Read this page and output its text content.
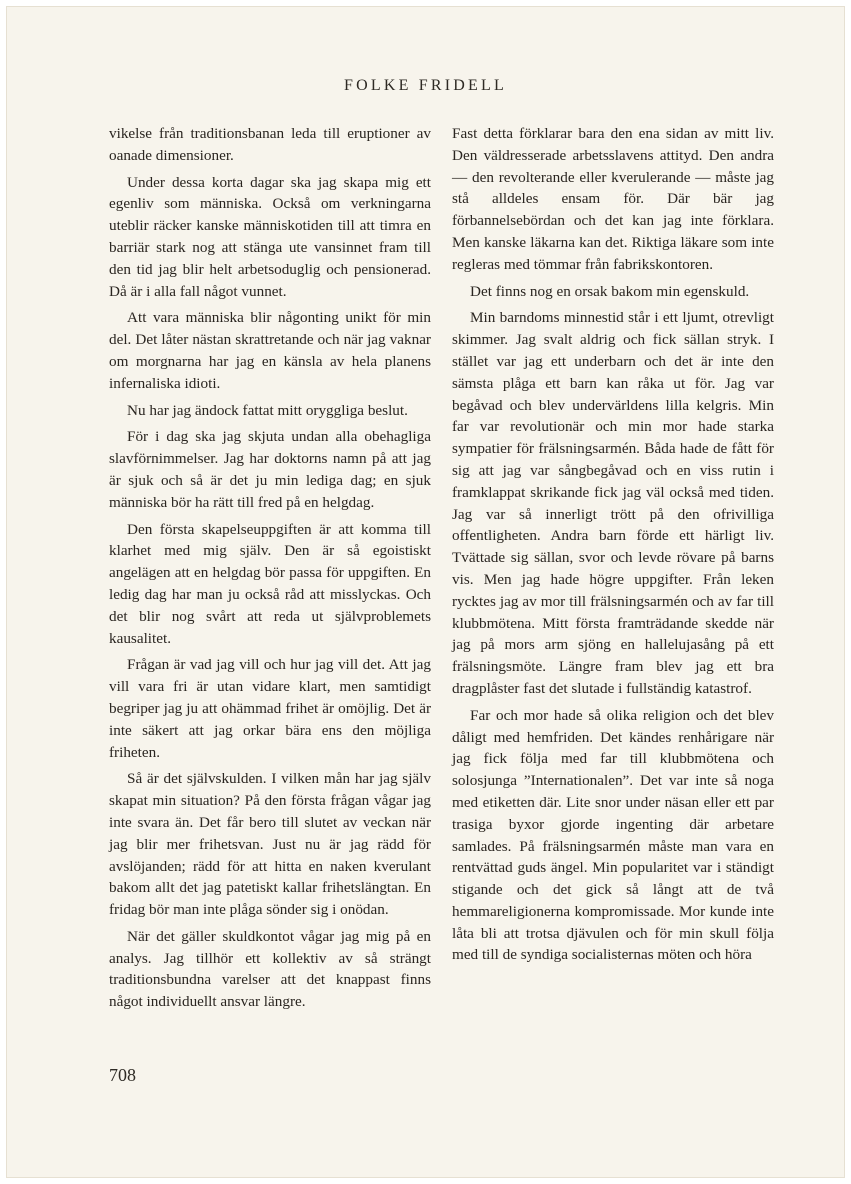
FOLKE FRIDELL

vikelse från traditionsbanan leda till eruptioner av oanade dimensioner.

Under dessa korta dagar ska jag skapa mig ett egenliv som människa. Också om verkningarna uteblir räcker kanske människotiden till att timra en barriär stark nog att stänga ute vansinnet fram till den tid jag blir helt arbetsoduglig och pensionerad. Då är i alla fall något vunnet.

Att vara människa blir någonting unikt för min del. Det låter nästan skrattretande och när jag vaknar om morgnarna har jag en känsla av hela planens infernaliska idioti.

Nu har jag ändock fattat mitt oryggliga beslut.

För i dag ska jag skjuta undan alla obehagliga slavförnimmelser. Jag har doktorns namn på att jag är sjuk och så är det ju min lediga dag; en sjuk människa bör ha rätt till fred på en helgdag.

Den första skapelseuppgiften är att komma till klarhet med mig själv. Den är så egoistiskt angelägen att en helgdag bör passa för uppgiften. En ledig dag har man ju också råd att misslyckas. Och det blir nog svårt att reda ut självproblemets kausalitet.

Frågan är vad jag vill och hur jag vill det. Att jag vill vara fri är utan vidare klart, men samtidigt begriper jag ju att ohämmad frihet är omöjlig. Det är inte säkert att jag orkar bära ens den möjliga friheten.

Så är det självskulden. I vilken mån har jag själv skapat min situation? På den första frågan vågar jag inte svara än. Det får bero till slutet av veckan när jag blir mer frihetsvan. Just nu är jag rädd för avslöjanden; rädd för att hitta en naken kverulant bakom allt det jag patetiskt kallar frihetslängtan. En fridag bör man inte plåga sönder sig i onödan.

När det gäller skuldkontot vågar jag mig på en analys. Jag tillhör ett kollektiv av så strängt traditionsbundna varelser att det knappast finns något individuellt ansvar längre.

Fast detta förklarar bara den ena sidan av mitt liv. Den väldresserade arbetsslavens attityd. Den andra — den revolterande eller kverulerande — måste jag stå alldeles ensam för. Där bär jag förbannelsebördan och det kan jag inte förklara. Men kanske läkarna kan det. Riktiga läkare som inte regleras med tömmar från fabrikskontoren.

Det finns nog en orsak bakom min egenskuld.

Min barndoms minnestid står i ett ljumt, otrevligt skimmer. Jag svalt aldrig och fick sällan stryk. I stället var jag ett underbarn och det är inte den sämsta plåga ett barn kan råka ut för. Jag var begåvad och blev undervärldens lilla kelgris. Min far var revolutionär och min mor hade starka sympatier för frälsningsarmén. Båda hade de fått för sig att jag var sångbegåvad och en viss rutin i framklappat skrikande fick jag väl också med tiden. Jag var så innerligt trött på den ofrivilliga offentligheten. Andra barn förde ett härligt liv. Tvättade sig sällan, svor och levde rövare på barns vis. Men jag hade högre uppgifter. Från leken rycktes jag av mor till frälsningsarmén och av far till klubbmötena. Mitt första framträdande skedde när jag på mors arm sjöng en hallelujasång på ett frälsningsmöte. Längre fram blev jag ett bra dragplåster fast det slutade i fullständig katastrof.

Far och mor hade så olika religion och det blev dåligt med hemfriden. Det kändes renhårigare när jag fick följa med far till klubbmötena och solosjunga ”Internationalen”. Det var inte så noga med etiketten där. Lite snor under näsan eller ett par trasiga byxor gjorde ingenting där arbetare samlades. På frälsningsarmén måste man vara en rentvättad guds ängel. Min popularitet var i ständigt stigande och det gick så långt att de två hemmareligionerna kompromissade. Mor kunde inte låta bli att trotsa djävulen och för min skull följa med till de syndiga socialisternas möten och höra

708
